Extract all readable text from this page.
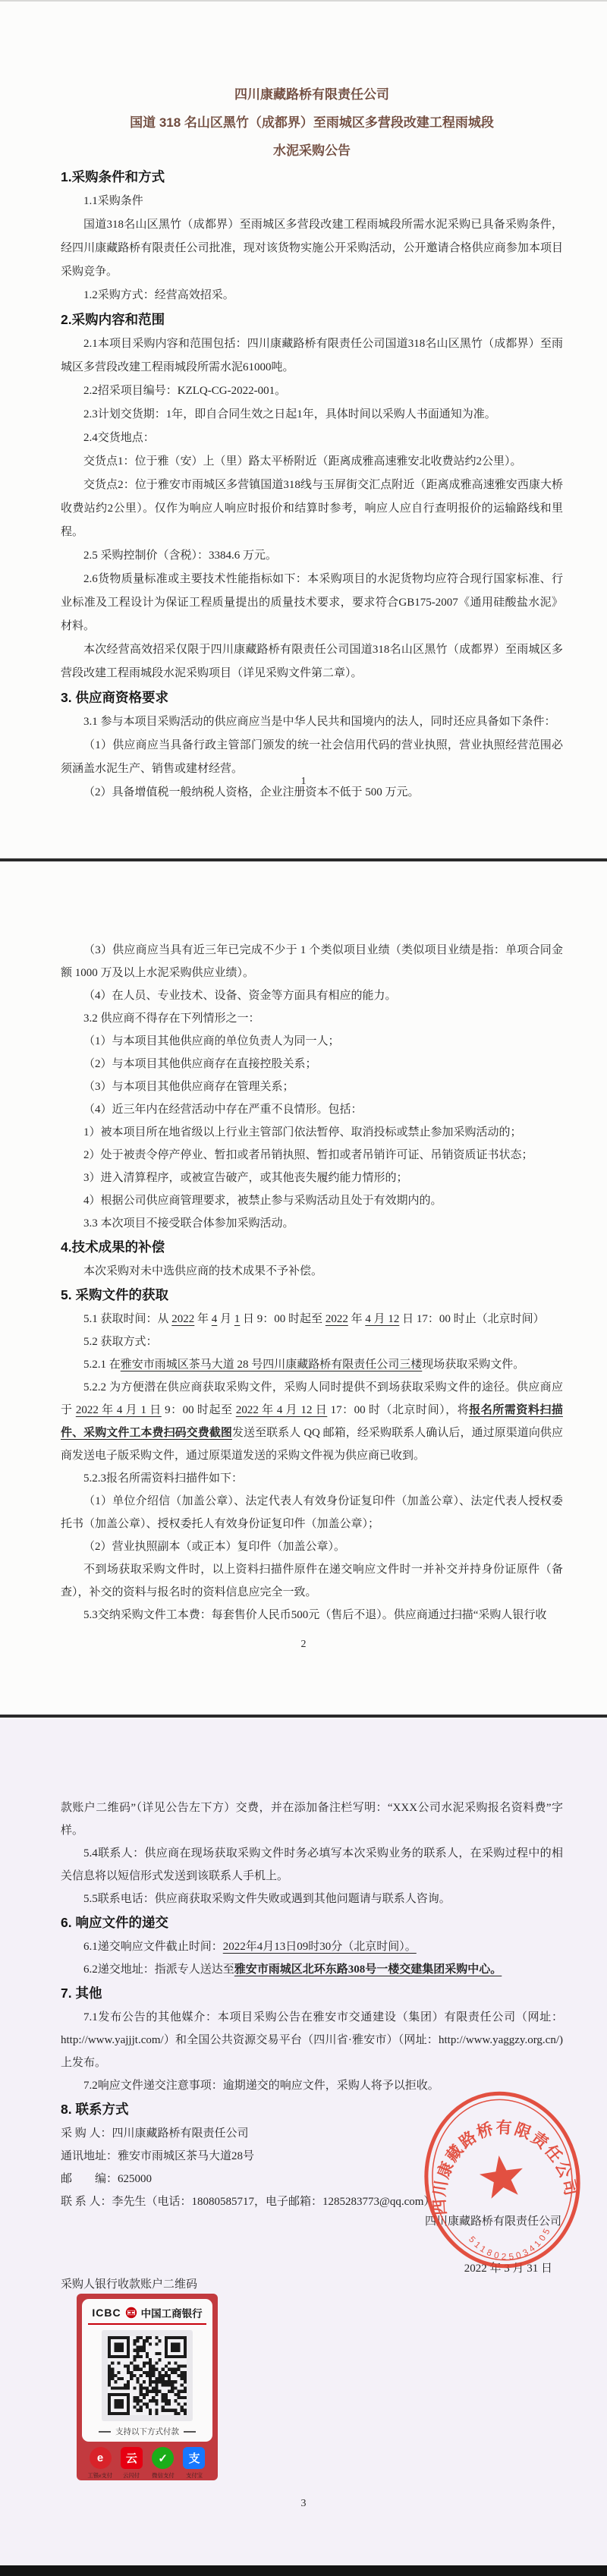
四川康藏路桥有限责任公司

国道 318 名山区黑竹（成都界）至雨城区多营段改建工程雨城段

水泥采购公告

1.采购条件和方式

1.1采购条件

国道318名山区黑竹（成都界）至雨城区多营段改建工程雨城段所需水泥采购已具备采购条件，经四川康藏路桥有限责任公司批准，现对该货物实施公开采购活动，公开邀请合格供应商参加本项目采购竞争。

1.2采购方式：经营高效招采。

2.采购内容和范围

2.1本项目采购内容和范围包括：四川康藏路桥有限责任公司国道318名山区黑竹（成都界）至雨城区多营段改建工程雨城段所需水泥61000吨。

2.2招采项目编号：KZLQ-CG-2022-001。

2.3计划交货期：1年，即自合同生效之日起1年，具体时间以采购人书面通知为准。

2.4交货地点：

交货点1：位于雅（安）上（里）路太平桥附近（距离成雅高速雅安北收费站约2公里）。

交货点2：位于雅安市雨城区多营镇国道318线与玉屏街交汇点附近（距离成雅高速雅安西康大桥收费站约2公里）。仅作为响应人响应时报价和结算时参考，响应人应自行查明报价的运输路线和里程。

2.5 采购控制价（含税）：3384.6 万元。

2.6货物质量标准或主要技术性能指标如下：本采购项目的水泥货物均应符合现行国家标准、行业标准及工程设计为保证工程质量提出的质量技术要求，要求符合GB175-2007《通用硅酸盐水泥》材料。

本次经营高效招采仅限于四川康藏路桥有限责任公司国道318名山区黑竹（成都界）至雨城区多营段改建工程雨城段水泥采购项目（详见采购文件第二章）。

3. 供应商资格要求

3.1 参与本项目采购活动的供应商应当是中华人民共和国境内的法人，同时还应具备如下条件：

（1）供应商应当具备行政主管部门颁发的统一社会信用代码的营业执照，营业执照经营范围必须涵盖水泥生产、销售或建材经营。

（2）具备增值税一般纳税人资格，企业注册资本不低于 500 万元。

1

（3）供应商应当具有近三年已完成不少于 1 个类似项目业绩（类似项目业绩是指：单项合同金额 1000 万及以上水泥采购供应业绩）。

（4）在人员、专业技术、设备、资金等方面具有相应的能力。

3.2 供应商不得存在下列情形之一：

（1）与本项目其他供应商的单位负责人为同一人；

（2）与本项目其他供应商存在直接控股关系；

（3）与本项目其他供应商存在管理关系；

（4）近三年内在经营活动中存在严重不良情形。包括：

1）被本项目所在地省级以上行业主管部门依法暂停、取消投标或禁止参加采购活动的；

2）处于被责令停产停业、暂扣或者吊销执照、暂扣或者吊销许可证、吊销资质证书状态；

3）进入清算程序，或被宣告破产，或其他丧失履约能力情形的；

4）根据公司供应商管理要求，被禁止参与采购活动且处于有效期内的。

3.3 本次项目不接受联合体参加采购活动。

4.技术成果的补偿

本次采购对未中选供应商的技术成果不予补偿。

5. 采购文件的获取

5.1 获取时间：从 2022 年 4 月 1 日 9：00 时起至 2022 年 4 月 12 日 17：00 时止（北京时间）

5.2 获取方式：

5.2.1 在雅安市雨城区茶马大道 28 号四川康藏路桥有限责任公司三楼现场获取采购文件。

5.2.2 为方便潜在供应商获取采购文件，采购人同时提供不到场获取采购文件的途径。供应商应于 2022 年 4 月 1 日 9：00 时起至 2022 年 4 月 12 日 17：00 时（北京时间），将报名所需资料扫描件、采购文件工本费扫码交费截图发送至联系人 QQ 邮箱，经采购联系人确认后，通过原渠道向供应商发送电子版采购文件，通过原渠道发送的采购文件视为供应商已收到。

5.2.3报名所需资料扫描件如下：

（1）单位介绍信（加盖公章）、法定代表人有效身份证复印件（加盖公章）、法定代表人授权委托书（加盖公章）、授权委托人有效身份证复印件（加盖公章）；

（2）营业执照副本（或正本）复印件（加盖公章）。

不到场获取采购文件时，以上资料扫描件原件在递交响应文件时一并补交并持身份证原件（备查），补交的资料与报名时的资料信息应完全一致。

5.3交纳采购文件工本费：每套售价人民币500元（售后不退）。供应商通过扫描“采购人银行收

2

款账户二维码”（详见公告左下方）交费，并在添加备注栏写明：“XXX公司水泥采购报名资料费”字样。

5.4联系人：供应商在现场获取采购文件时务必填写本次采购业务的联系人，在采购过程中的相关信息将以短信形式发送到该联系人手机上。

5.5联系电话：供应商获取采购文件失败或遇到其他问题请与联系人咨询。

6. 响应文件的递交

6.1递交响应文件截止时间：2022年4月13日09时30分（北京时间）。

6.2递交地址：指派专人送达至雅安市雨城区北环东路308号一楼交建集团采购中心。

7. 其他

7.1发布公告的其他媒介：本项目采购公告在雅安市交通建设（集团）有限责任公司（网址：http://www.yajjjt.com/）和全国公共资源交易平台（四川省·雅安市）（网址：http://www.yaggzy.org.cn/)上发布。

7.2响应文件递交注意事项：逾期递交的响应文件，采购人将予以拒收。

8. 联系方式

采 购 人：四川康藏路桥有限责任公司

通讯地址：雅安市雨城区茶马大道28号

邮　　编：625000

联 系 人：李先生（电话：18080585717，电子邮箱：1285283773@qq.com）

四川康藏路桥有限责任公司
2022 年 3 月 31 日
采购人银行收款账户二维码
ICBC 中国工商银行
支持以下方式付款
e
工银e支付
云
云闪付
✓
微信支付
支
支付宝
四川康藏路桥有限责任公司
5118025034105
3
